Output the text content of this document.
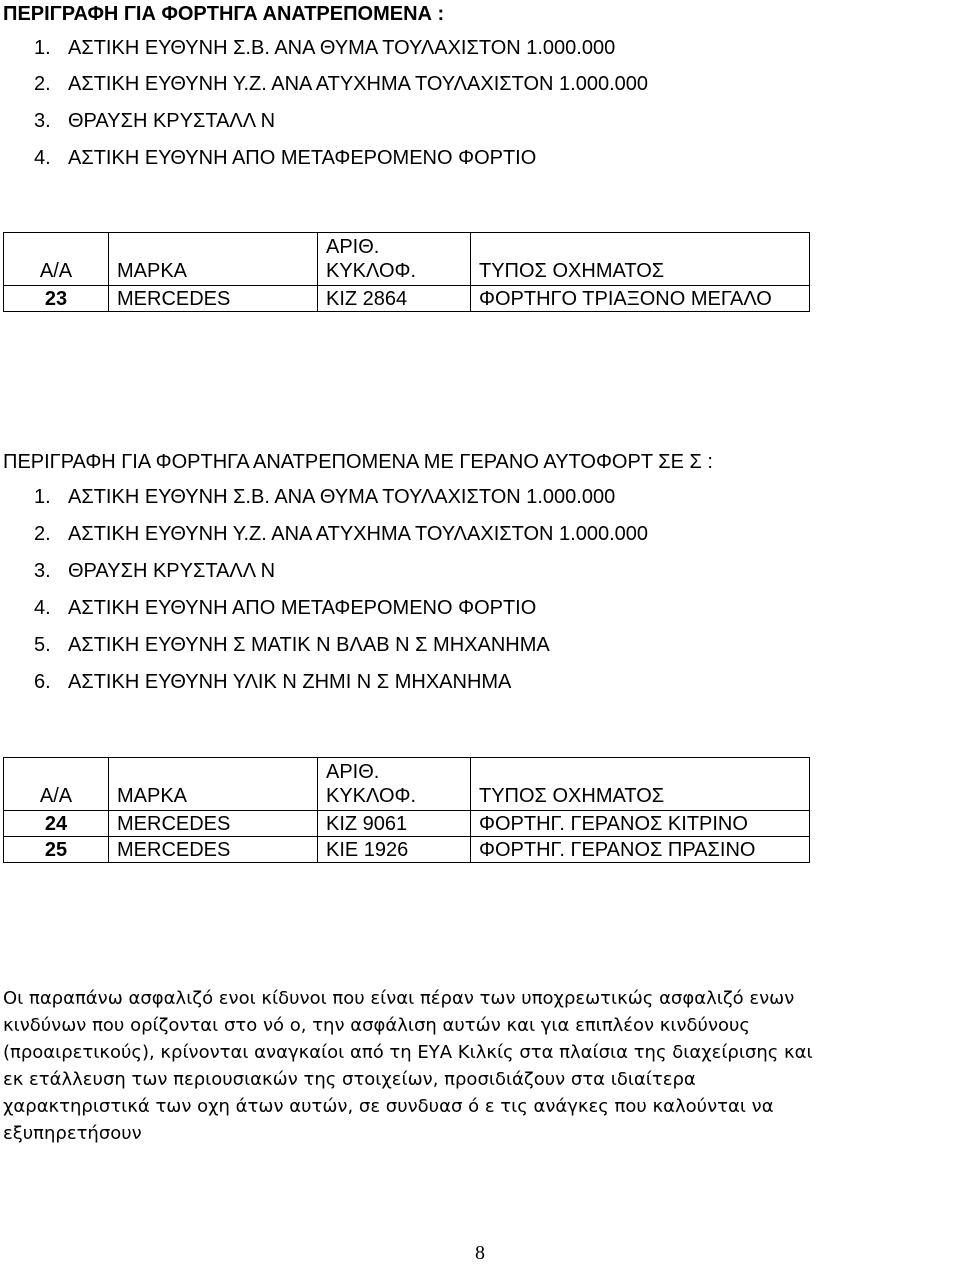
ΠΕΡΙΓΡΑΦΗ ΓΙΑ ΦΟΡΤΗΓΑ ΑΝΑΤΡΕΠΟΜΕΝΑ :
1. ΑΣΤΙΚΗ ΕΥΘΥΝΗ Σ.Β. ΑΝΑ ΘΥΜΑ ΤΟΥΛΑΧΙΣΤΟΝ 1.000.000
2. ΑΣΤΙΚΗ ΕΥΘΥΝΗ Υ.Ζ. ΑΝΑ ΑΤΥΧΗΜΑ ΤΟΥΛΑΧΙΣΤΟΝ 1.000.000
3. ΘΡΑΥΣΗ ΚΡΥΣΤΑΛΛ Ν
4. ΑΣΤΙΚΗ ΕΥΘΥΝΗ ΑΠΟ ΜΕΤΑΦΕΡΟΜΕΝΟ ΦΟΡΤΙΟ
Α/Α	ΜΑΡΚΑ	ΑΡΙΘ.
ΚΥΚΛΟΦ.	ΤΥΠΟΣ ΟΧΗΜΑΤΟΣ
23	MERCEDES	ΚΙΖ 2864	ΦΟΡΤΗΓΟ ΤΡΙΑΞΟΝΟ ΜΕΓΑΛΟ
ΠΕΡΙΓΡΑΦΗ ΓΙΑ ΦΟΡΤΗΓΑ ΑΝΑΤΡΕΠΟΜΕΝΑ ΜΕ ΓΕΡΑΝΟ ΑΥΤΟΦΟΡΤ ΣΕ Σ :
1. ΑΣΤΙΚΗ ΕΥΘΥΝΗ Σ.Β. ΑΝΑ ΘΥΜΑ ΤΟΥΛΑΧΙΣΤΟΝ 1.000.000
2. ΑΣΤΙΚΗ ΕΥΘΥΝΗ Υ.Ζ. ΑΝΑ ΑΤΥΧΗΜΑ ΤΟΥΛΑΧΙΣΤΟΝ 1.000.000
3. ΘΡΑΥΣΗ ΚΡΥΣΤΑΛΛ Ν
4. ΑΣΤΙΚΗ ΕΥΘΥΝΗ ΑΠΟ ΜΕΤΑΦΕΡΟΜΕΝΟ ΦΟΡΤΙΟ
5. ΑΣΤΙΚΗ ΕΥΘΥΝΗ Σ ΜΑΤΙΚ Ν ΒΛΑΒ Ν Σ ΜΗΧΑΝΗΜΑ
6. ΑΣΤΙΚΗ ΕΥΘΥΝΗ ΥΛΙΚ Ν ΖΗΜΙ Ν Σ ΜΗΧΑΝΗΜΑ
Α/Α	ΜΑΡΚΑ	ΑΡΙΘ.
ΚΥΚΛΟΦ.	ΤΥΠΟΣ ΟΧΗΜΑΤΟΣ
24	MERCEDES	ΚΙΖ 9061	ΦΟΡΤΗΓ. ΓΕΡΑΝΟΣ ΚΙΤΡΙΝΟ
25	MERCEDES	ΚΙΕ 1926	ΦΟΡΤΗΓ. ΓΕΡΑΝΟΣ ΠΡΑΣΙΝΟ
Οι παραπάνω ασφαλιζό ενοι κίδυνοι που είναι πέραν των υποχρεωτικώς ασφαλιζό ενων
κινδύνων που ορίζονται στο νό ο, την ασφάλιση αυτών και για επιπλέον κινδύνους
(προαιρετικούς), κρίνονται αναγκαίοι από τη ΕΥΑ Κιλκίς στα πλαίσια της διαχείρισης και
εκ ετάλλευση των περιουσιακών της στοιχείων, προσιδιάζουν στα ιδιαίτερα
χαρακτηριστικά των οχη άτων αυτών, σε συνδυασ ό ε τις ανάγκες που καλούνται να
εξυπηρετήσουν
8
